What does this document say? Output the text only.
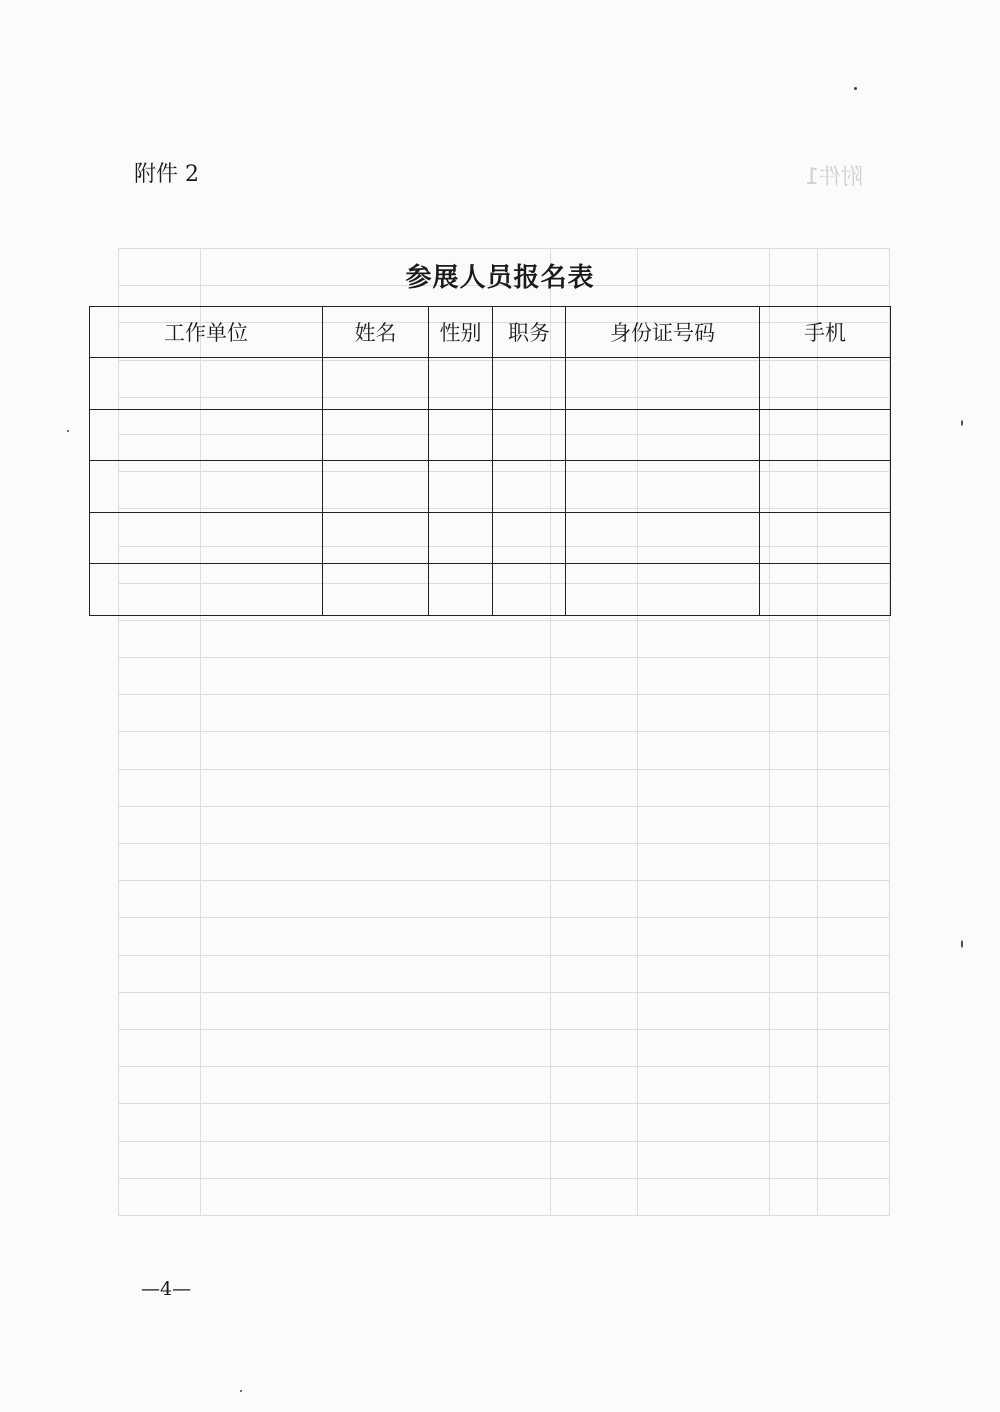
附件1

附件 2
参展人员报名表
工作单位	姓名	性别	职务	身份证号码	手机

—4—
